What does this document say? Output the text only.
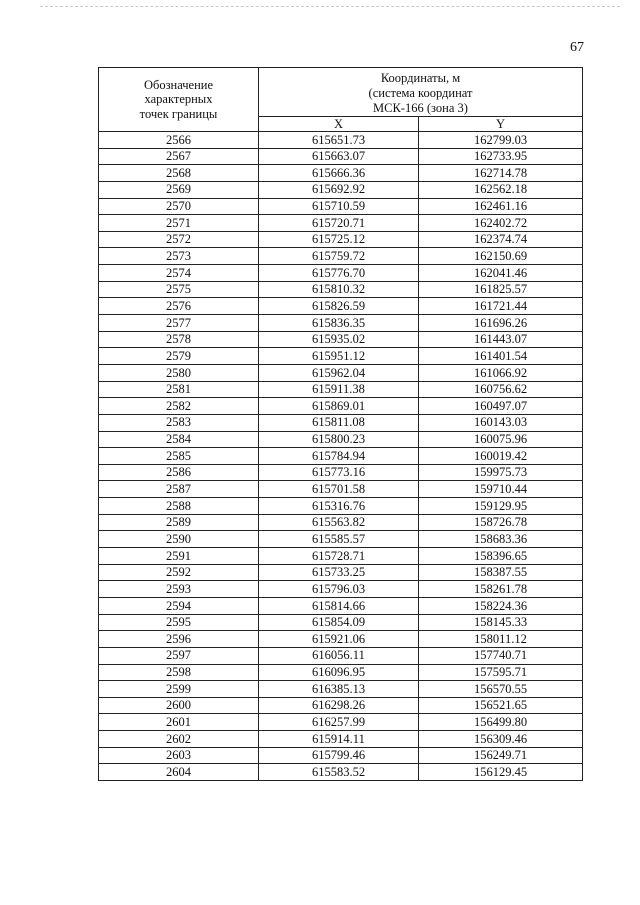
67
Обозначение
характерных
точек границы	Координаты, м
(система координат
МСК-166 (зона 3)	

	X	Y
2566	615651.73	162799.03
2567	615663.07	162733.95
2568	615666.36	162714.78
2569	615692.92	162562.18
2570	615710.59	162461.16
2571	615720.71	162402.72
2572	615725.12	162374.74
2573	615759.72	162150.69
2574	615776.70	162041.46
2575	615810.32	161825.57
2576	615826.59	161721.44
2577	615836.35	161696.26
2578	615935.02	161443.07
2579	615951.12	161401.54
2580	615962.04	161066.92
2581	615911.38	160756.62
2582	615869.01	160497.07
2583	615811.08	160143.03
2584	615800.23	160075.96
2585	615784.94	160019.42
2586	615773.16	159975.73
2587	615701.58	159710.44
2588	615316.76	159129.95
2589	615563.82	158726.78
2590	615585.57	158683.36
2591	615728.71	158396.65
2592	615733.25	158387.55
2593	615796.03	158261.78
2594	615814.66	158224.36
2595	615854.09	158145.33
2596	615921.06	158011.12
2597	616056.11	157740.71
2598	616096.95	157595.71
2599	616385.13	156570.55
2600	616298.26	156521.65
2601	616257.99	156499.80
2602	615914.11	156309.46
2603	615799.46	156249.71
2604	615583.52	156129.45
